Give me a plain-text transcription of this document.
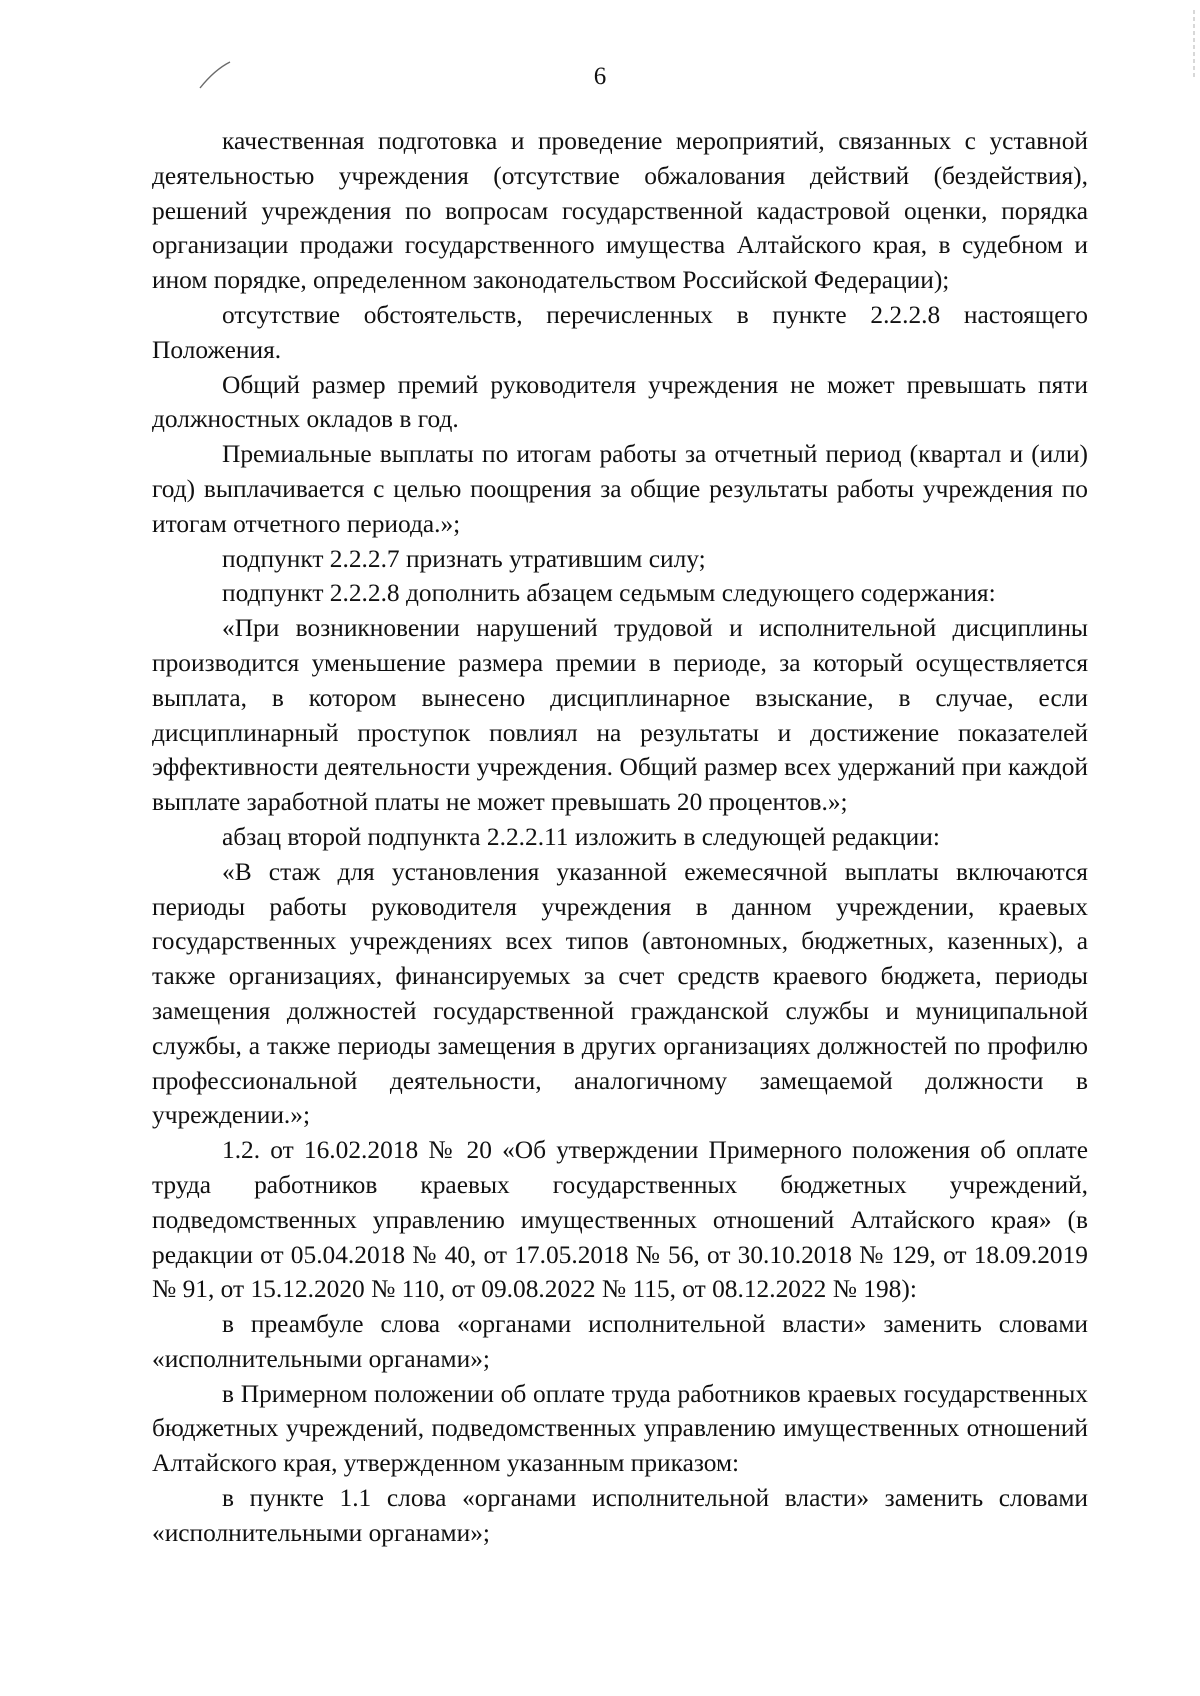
6

качественная подготовка и проведение мероприятий, связанных с уставной деятельностью учреждения (отсутствие обжалования действий (бездействия), решений учреждения по вопросам государственной кадастровой оценки, порядка организации продажи государственного имущества Алтайского края, в судебном и ином порядке, определенном законодательством Российской Федерации);

отсутствие обстоятельств, перечисленных в пункте 2.2.2.8 настоящего Положения.

Общий размер премий руководителя учреждения не может превышать пяти должностных окладов в год.

Премиальные выплаты по итогам работы за отчетный период (квартал и (или) год) выплачивается с целью поощрения за общие результаты работы учреждения по итогам отчетного периода.»;

подпункт 2.2.2.7 признать утратившим силу;

подпункт 2.2.2.8 дополнить абзацем седьмым следующего содержания:

«При возникновении нарушений трудовой и исполнительной дисциплины производится уменьшение размера премии в периоде, за который осуществляется выплата, в котором вынесено дисциплинарное взыскание, в случае, если дисциплинарный проступок повлиял на результаты и достижение показателей эффективности деятельности учреждения. Общий размер всех удержаний при каждой выплате заработной платы не может превышать 20 процентов.»;

абзац второй подпункта 2.2.2.11 изложить в следующей редакции:

«В стаж для установления указанной ежемесячной выплаты включаются периоды работы руководителя учреждения в данном учреждении, краевых государственных учреждениях всех типов (автономных, бюджетных, казенных), а также организациях, финансируемых за счет средств краевого бюджета, периоды замещения должностей государственной гражданской службы и муниципальной службы, а также периоды замещения в других организациях должностей по профилю профессиональной деятельности, аналогичному замещаемой должности в учреждении.»;

1.2. от 16.02.2018 № 20 «Об утверждении Примерного положения об оплате труда работников краевых государственных бюджетных учреждений, подведомственных управлению имущественных отношений Алтайского края» (в редакции от 05.04.2018 № 40, от 17.05.2018 № 56, от 30.10.2018 № 129, от 18.09.2019 № 91, от 15.12.2020 № 110, от 09.08.2022 № 115, от 08.12.2022 № 198):

в преамбуле слова «органами исполнительной власти» заменить словами «исполнительными органами»;

в Примерном положении об оплате труда работников краевых государственных бюджетных учреждений, подведомственных управлению имущественных отношений Алтайского края, утвержденном указанным приказом:

в пункте 1.1 слова «органами исполнительной власти» заменить словами «исполнительными органами»;
